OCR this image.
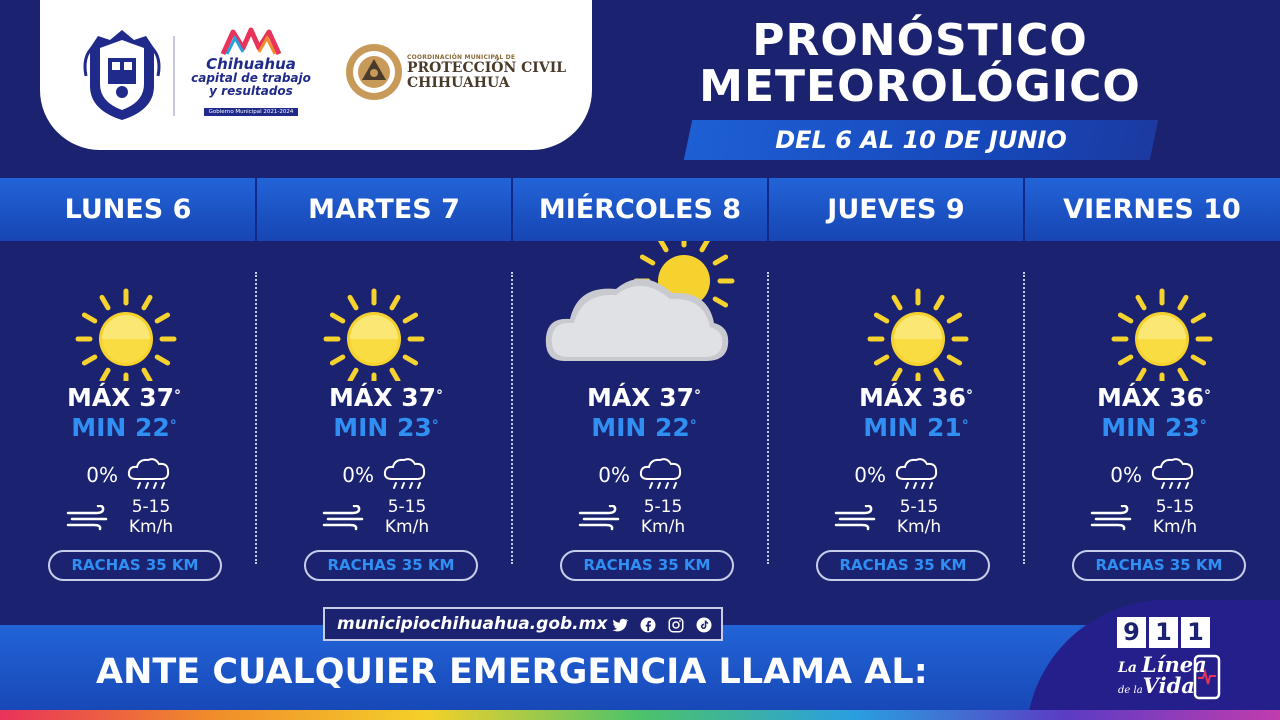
Chihuahua
capital de trabajo
y resultados
Gobierno Municipal 2021-2024
COORDINACIÓN MUNICIPAL DE
PROTECCIÓN CIVIL
CHIHUAHUA
PRONÓSTICO
METEOROLÓGICO
DEL 6 AL 10 DE JUNIO
LUNES 6	MARTES 7	MIÉRCOLES 8	JUEVES 9	VIERNES 10
MÁX 37°
MIN 22°
0%
5-15
Km/h
RACHAS 35 KM
MÁX 37°
MIN 23°
0%
5-15
Km/h
RACHAS 35 KM
MÁX 37°
MIN 22°
0%
5-15
Km/h
RACHAS 35 KM
MÁX 36°
MIN 21°
0%
5-15
Km/h
RACHAS 35 KM
MÁX 36°
MIN 23°
0%
5-15
Km/h
RACHAS 35 KM
municipiochihuahua.gob.mx
ANTE CUALQUIER EMERGENCIA LLAMA AL:
9 1 1
La Línea
de laVida
